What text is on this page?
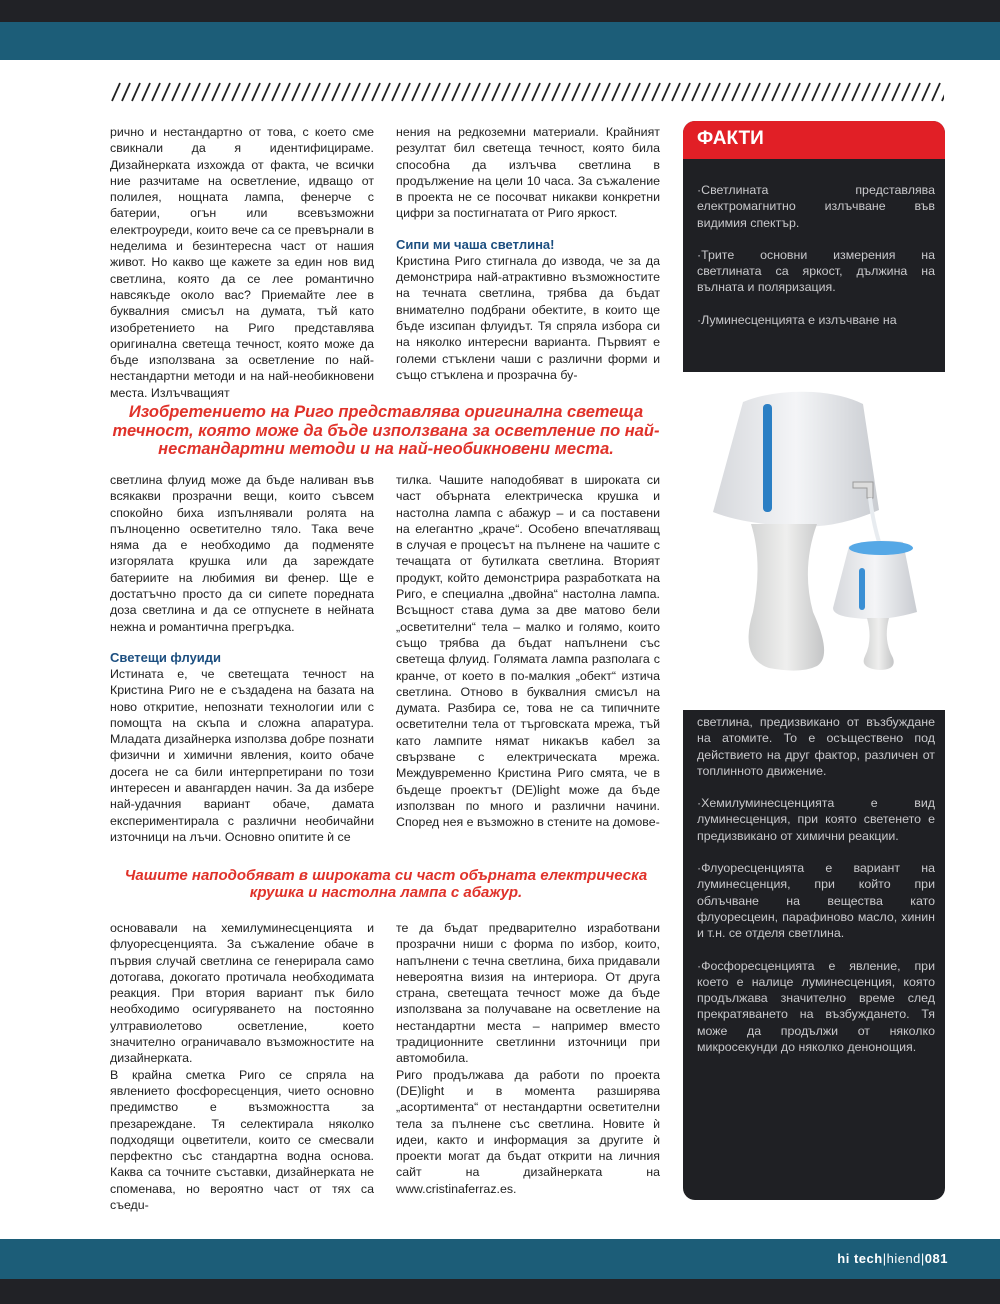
рично и нестандартно от това, с което сме свикнали да я идентифицираме. Дизайнерката изхожда от факта, че всички ние разчитаме на осветление, идващо от полилея, нощната лампа, фенерче с батерии, огън или всевъзможни електроуреди, които вече са се превърнали в неделима и безинтересна част от нашия живот. Но какво ще кажете за един нов вид светлина, която да се лее романтично навсякъде около вас? Приемайте лее в буквалния смисъл на думата, тъй като изобретението на Риго представлява оригинална светеща течност, която може да бъде използвана за осветление по най-нестандартни методи и на най-необикновени места. Излъчващият

нения на редкоземни материали. Крайният резултат бил светеща течност, която била способна да излъчва светлина в продължение на цели 10 часа. За съжаление в проекта не се посочват никакви конкретни цифри за постигнатата от Риго яркост.

Сипи ми чаша светлина!

Кристина Риго стигнала до извода, че за да демонстрира най-атрактивно възможностите на течната светлина, трябва да бъдат внимателно подбрани обектите, в които ще бъде изсипан флуидът. Тя спряла избора си на няколко интересни варианта. Първият е големи стъклени чаши с различни форми и също стъклена и прозрачна бу-

Изобретението на Риго представлява оригинална светеща течност, която може да бъде използвана за осветление по най-нестандартни методи и на най-необикновени места.

светлина флуид може да бъде наливан във всякакви прозрачни вещи, които съвсем спокойно биха изпълнявали ролята на пълноценно осветително тяло. Така вече няма да е необходимо да подменяте изгорялата крушка или да зареждате батериите на любимия ви фенер. Ще е достатъчно просто да си сипете поредната доза светлина и да се отпуснете в нейната нежна и романтична прегръдка.

Светещи флуиди

Истината е, че светещата течност на Кристина Риго не е създадена на базата на ново откритие, непознати технологии или с помощта на скъпа и сложна апаратура. Младата дизайнерка използва добре познати физични и химични явления, които обаче досега не са били интерпретирани по този интересен и авангарден начин. За да избере най-удачния вариант обаче, дамата експериментирала с различни необичайни източници на лъчи. Основно опитите ѝ се

тилка. Чашите наподобяват в широката си част обърната електрическа крушка и настолна лампа с абажур – и са поставени на елегантно „краче“. Особено впечатляващ в случая е процесът на пълнене на чашите с течащата от бутилката светлина. Вторият продукт, който демонстрира разработката на Риго, е специална „двойна“ настолна лампа. Всъщност става дума за две матово бели „осветителни“ тела – малко и голямо, които също трябва да бъдат напълнени със светеща флуид. Голямата лампа разполага с кранче, от което в по-малкия „обект“ изтича светлина. Отново в буквалния смисъл на думата. Разбира се, това не са типичните осветителни тела от търговската мрежа, тъй като лампите нямат никакъв кабел за свързване с електрическата мрежа. Междувременно Кристина Риго смята, че в бъдеще проектът (DE)light може да бъде използван по много и различни начини. Според нея е възможно в стените на домове-

Чашите наподобяват в широката си част обърната електрическа крушка и настолна лампа с абажур.

основавали на хемилуминесценцията и флуоресценцията. За съжаление обаче в първия случай светлина се генерирала само дотогава, докогато протичала необходимата реакция. При втория вариант пък било необходимо осигуряването на постоянно ултравиолетово осветление, което значително ограничавало възможностите на дизайнерката.

В крайна сметка Риго се спряла на явлението фосфоресценция, чието основно предимство е възможността за презареждане. Тя селектирала няколко подходящи оцветители, които се смесвали перфектно със стандартна водна основа. Каква са точните съставки, дизайнерката не споменава, но вероятно част от тях са съедu-

те да бъдат предварително изработвани прозрачни ниши с форма по избор, които, напълнени с течна светлина, биха придавали невероятна визия на интериора. От друга страна, светещата течност може да бъде използвана за получаване на осветление на нестандартни места – например вместо традиционните светлинни източници при автомобила.

Риго продължава да работи по проекта (DE)light и в момента разширява „асортимента“ от нестандартни осветителни тела за пълнене със светлина. Новите ѝ идеи, както и информация за другите ѝ проекти могат да бъдат открити на личния сайт на дизайнерката на www.cristinaferraz.es.

ФАКТИ

·Светлината представлява електромагнитно излъчване във видимия спектър.

·Трите основни измерения на светлината са яркост, дължина на вълната и поляризация.

·Луминесценцията е излъчване на

светлина, предизвикано от възбуждане на атомите. То е осъществено под действието на друг фактор, различен от топлинното движение.

·Хемилуминесценцията е вид луминесценция, при която светенето е предизвикано от химични реакции.

·Флуоресценцията е вариант на луминесценция, при който при облъчване на вещества като флуоресцеин, парафиново масло, хинин и т.н. се отделя светлина.

·Фосфоресценцията е явление, при което е налице луминесценция, която продължава значително време след прекратяването на възбуждането. Тя може да продължи от няколко микросекунди до няколко денонощия.

hi tech|hiend|081
